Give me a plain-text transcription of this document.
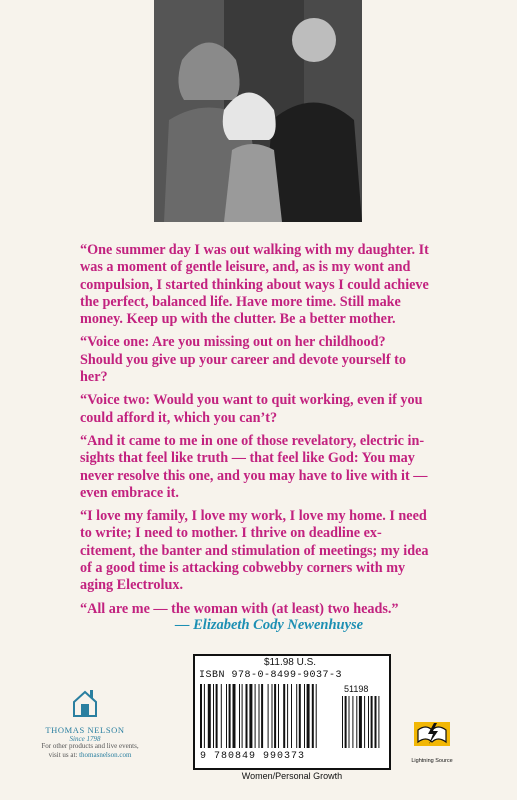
“One summer day I was out walking with my daughter. It was a moment of gentle leisure, and, as is my wont and compulsion, I started thinking about ways I could achieve the perfect, balanced life. Have more time. Still make money. Keep up with the clutter. Be a better mother.

“Voice one: Are you missing out on her childhood? Should you give up your career and devote yourself to her?

“Voice two: Would you want to quit working, even if you could afford it, which you can’t?

“And it came to me in one of those revelatory, electric in-sights that feel like truth — that feel like God: You may never resolve this one, and you may have to live with it — even embrace it.

“I love my family, I love my work, I love my home. I need to write; I need to mother. I thrive on deadline ex-citement, the banter and stimulation of meetings; my idea of a good time is attacking cobwebby corners with my aging Electrolux.

“All are me — the woman with (at least) two heads.”

— Elizabeth Cody Newenhuyse
THOMAS NELSON
Since 1798
For other products and live events,
visit us at: thomasnelson.com
$11.98 U.S.
ISBN 978-0-8499-9037-3
51198
9 780849 990373
Women/Personal Growth
Lightning Source
